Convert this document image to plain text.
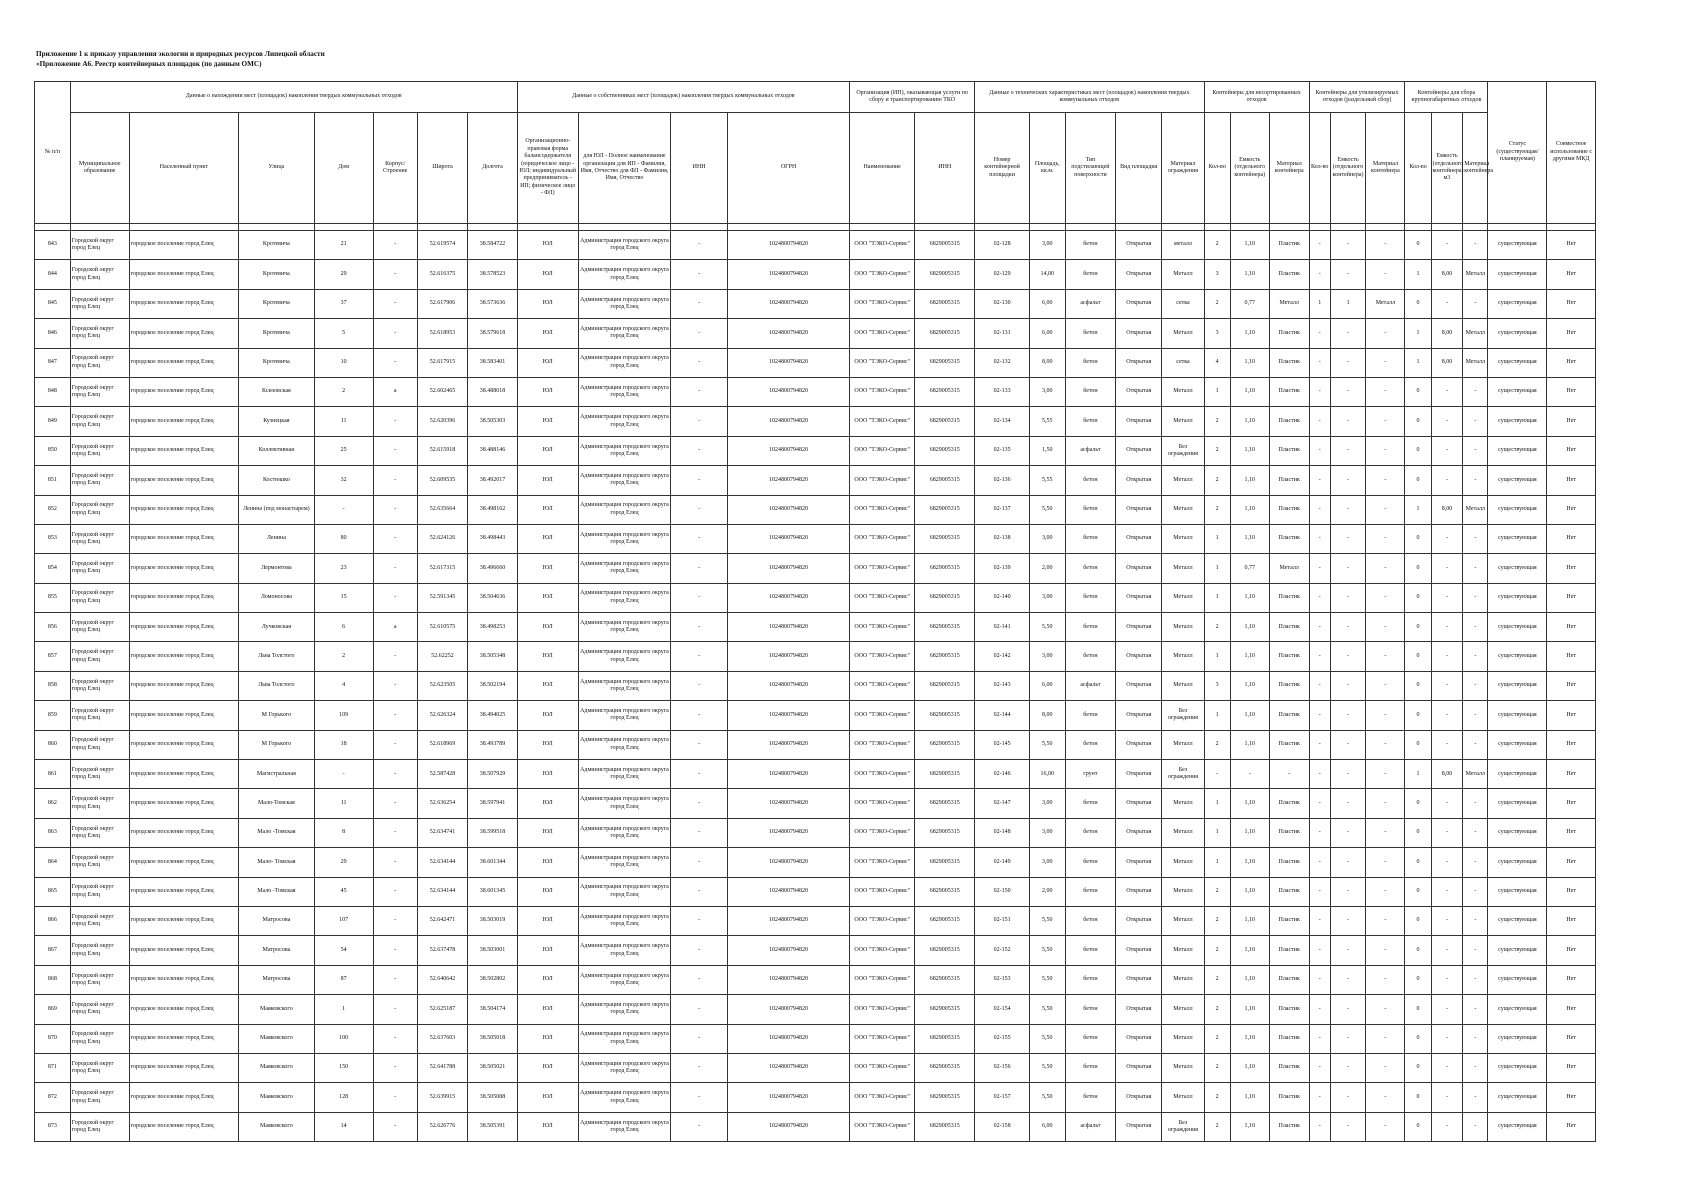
Приложение 1 к приказу управления экологии и природных ресурсов Липецкой области
«Приложение А6. Реестр контейнерных площадок (по данным ОМС)
№ п/п	Данные о нахождении мест (площадок) накопления твердых коммунальных отходов							Данные о собственниках мест (площадок) накопления твердых коммунальных отходов				Организация (ИП), оказывающая услуги по сбору и транспортированию ТКО		Данные о технических характеристиках мест (площадок) накопления твердых коммунальных отходов					Контейнеры для несортированных отходов			Контейнеры для утилизируемых отходов (раздельный сбор)			Контейнеры для сбора крупногабаритных отходов			Статус (существующая/ планируемая)	Совместное использование с другими МКД
	Муниципальное образование	Населенный пункт	Улица	Дом	Корпус/Строение	Широта	Долгота	Организационно-правовая форма балансодержателя (юридическое лицо - ЮЛ; индивидуальный предприниматель - ИП; физическое лицо - ФЛ)	для ЮЛ - Полное наименование организации для ИП - Фамилия, Имя, Отчество для ФЛ - Фамилия, Имя, Отчество	ИНН	ОГРН	Наименование	ИНН	Номер контейнерной площадки	Площадь, кв.м.	Тип подстилающей поверхности	Вид площадки	Материал ограждения	Кол-во	Емкость (отдельного контейнера)	Материал контейнера	Кол-во	Емкость (отдельного контейнера)	Материал контейнера	Кол-во	Емкость (отдельного контейнера) м3	Материал контейнера		

843	Городской округ город Елец	городское поселение город Елец	Кротевича	21	-	52.619574	38.584722	ЮЛ	Администрация городского округа город Елец	-	1024800794820	ООО "ТЭКО-Сервис"	6829005315	02-128	3,00	бетон	Открытая	металл	2	1,10	Пластик	-	-	-	0	-	-	существующая	Нет
844	Городской округ город Елец	городское поселение город Елец	Кротевича	29	-	52.616375	38.578523	ЮЛ	Администрация городского округа город Елец	-	1024800794820	ООО "ТЭКО-Сервис"	6829005315	02-129	14,00	бетон	Открытая	Металл	3	1,10	Пластик	-	-	-	1	8,00	Металл	существующая	Нет
845	Городской округ город Елец	городское поселение город Елец	Кротевича	37	-	52.617906	38.573636	ЮЛ	Администрация городского округа город Елец	-	1024800794820	ООО "ТЭКО-Сервис"	6829005315	02-130	6,00	асфальт	Открытая	сетка	2	0,77	Металл	1	1	Металл	0	-	-	существующая	Нет
846	Городской округ город Елец	городское поселение город Елец	Кротевича	5	-	52.618953	38.579618	ЮЛ	Администрация городского округа город Елец	-	1024800794820	ООО "ТЭКО-Сервис"	6829005315	02-131	6,00	бетон	Открытая	Металл	3	1,10	Пластик	-	-	-	1	8,00	Металл	существующая	Нет
847	Городской округ город Елец	городское поселение город Елец	Кротевича	10	-	52.617915	38.583401	ЮЛ	Администрация городского округа город Елец	-	1024800794820	ООО "ТЭКО-Сервис"	6829005315	02-132	8,00	бетон	Открытая	сетка	4	1,10	Пластик	-	-	-	1	8,00	Металл	существующая	Нет
848	Городской округ город Елец	городское поселение город Елец	Ксизовская	2	а	52.602465	38.488018	ЮЛ	Администрация городского округа город Елец	-	1024800794820	ООО "ТЭКО-Сервис"	6829005315	02-133	3,00	бетон	Открытая	Металл	1	1,10	Пластик	-	-	-	0	-	-	существующая	Нет
849	Городской округ город Елец	городское поселение город Елец	Кузнецкая	11	-	52.620396	38.505303	ЮЛ	Администрация городского округа город Елец	-	1024800794820	ООО "ТЭКО-Сервис"	6829005315	02-134	5,55	бетон	Открытая	Металл	2	1,10	Пластик	-	-	-	0	-	-	существующая	Нет
850	Городской округ город Елец	городское поселение город Елец	Коллективная	25	-	52.615918	38.488146	ЮЛ	Администрация городского округа город Елец	-	1024800794820	ООО "ТЭКО-Сервис"	6829005315	02-135	1,50	асфальт	Открытая	Без ограждения	2	1,10	Пластик	-	-	-	0	-	-	существующая	Нет
851	Городской округ город Елец	городское поселение город Елец	Костюшко	32	-	52.609535	38.492017	ЮЛ	Администрация городского округа город Елец	-	1024800794820	ООО "ТЭКО-Сервис"	6829005315	02-136	5,55	бетон	Открытая	Металл	2	1,10	Пластик	-	-	-	0	-	-	существующая	Нет
852	Городской округ город Елец	городское поселение город Елец	Ленина (под монастырем)	-	-	52.635664	38.498162	ЮЛ	Администрация городского округа город Елец	-	1024800794820	ООО "ТЭКО-Сервис"	6829005315	02-137	5,50	бетон	Открытая	Металл	2	1,10	Пластик	-	-	-	1	8,00	Металл	существующая	Нет
853	Городской округ город Елец	городское поселение город Елец	Ленина	80	-	52.624126	38.498443	ЮЛ	Администрация городского округа город Елец	-	1024800794820	ООО "ТЭКО-Сервис"	6829005315	02-138	3,00	бетон	Открытая	Металл	1	1,10	Пластик	-	-	-	0	-	-	существующая	Нет
854	Городской округ город Елец	городское поселение город Елец	Лермонтова	23	-	52.617315	38.496660	ЮЛ	Администрация городского округа город Елец	-	1024800794820	ООО "ТЭКО-Сервис"	6829005315	02-139	2,00	бетон	Открытая	Металл	1	0,77	Металл	-	-	-	0	-	-	существующая	Нет
855	Городской округ город Елец	городское поселение город Елец	Ломоносова	15	-	52.591345	38.504636	ЮЛ	Администрация городского округа город Елец	-	1024800794820	ООО "ТЭКО-Сервис"	6829005315	02-140	3,00	бетон	Открытая	Металл	1	1,10	Пластик	-	-	-	0	-	-	существующая	Нет
856	Городской округ город Елец	городское поселение город Елец	Лучковская	6	а	52.610575	38.498253	ЮЛ	Администрация городского округа город Елец	-	1024800794820	ООО "ТЭКО-Сервис"	6829005315	02-141	5,50	бетон	Открытая	Металл	2	1,10	Пластик	-	-	-	0	-	-	существующая	Нет
857	Городской округ город Елец	городское поселение город Елец	Льва Толстого	2	-	52.62252	38.505348	ЮЛ	Администрация городского округа город Елец	-	1024800794820	ООО "ТЭКО-Сервис"	6829005315	02-142	3,00	бетон	Открытая	Металл	1	1,10	Пластик	-	-	-	0	-	-	существующая	Нет
858	Городской округ город Елец	городское поселение город Елец	Льва Толстого	4	-	52.623505	38.502194	ЮЛ	Администрация городского округа город Елец	-	1024800794820	ООО "ТЭКО-Сервис"	6829005315	02-143	6,00	асфальт	Открытая	Металл	3	1,10	Пластик	-	-	-	0	-	-	существующая	Нет
859	Городской округ город Елец	городское поселение город Елец	М Горького	109	-	52.626324	38.494025	ЮЛ	Администрация городского округа город Елец	-	1024800794820	ООО "ТЭКО-Сервис"	6829005315	02-144	8,00	бетон	Открытая	Без ограждения	1	1,10	Пластик	-	-	-	0	-	-	существующая	Нет
860	Городской округ город Елец	городское поселение город Елец	М Горького	18	-	52.618969	38.493789	ЮЛ	Администрация городского округа город Елец	-	1024800794820	ООО "ТЭКО-Сервис"	6829005315	02-145	5,50	бетон	Открытая	Металл	2	1,10	Пластик	-	-	-	0	-	-	существующая	Нет
861	Городской округ город Елец	городское поселение город Елец	Магистральная	-	-	52.587428	38.507929	ЮЛ	Администрация городского округа город Елец	-	1024800794820	ООО "ТЭКО-Сервис"	6829005315	02-146	16,00	грунт	Открытая	Без ограждения	-	-	-	-	-	-	1	8,00	Металл	существующая	Нет
862	Городской округ город Елец	городское поселение город Елец	Мало-Томская	11	-	52.636254	38.597941	ЮЛ	Администрация городского округа город Елец	-	1024800794820	ООО "ТЭКО-Сервис"	6829005315	02-147	3,00	бетон	Открытая	Металл	1	1,10	Пластик	-	-	-	0	-	-	существующая	Нет
863	Городской округ город Елец	городское поселение город Елец	Мало -Томская	8	-	52.634741	38.599518	ЮЛ	Администрация городского округа город Елец	-	1024800794820	ООО "ТЭКО-Сервис"	6829005315	02-148	3,00	бетон	Открытая	Металл	1	1,10	Пластик	-	-	-	0	-	-	существующая	Нет
864	Городской округ город Елец	городское поселение город Елец	Мало- Томская	29	-	52.634144	38.601344	ЮЛ	Администрация городского округа город Елец	-	1024800794820	ООО "ТЭКО-Сервис"	6829005315	02-149	3,00	бетон	Открытая	Металл	1	1,10	Пластик	-	-	-	0	-	-	существующая	Нет
865	Городской округ город Елец	городское поселение город Елец	Мало -Томская	45	-	52.634144	38.601345	ЮЛ	Администрация городского округа город Елец	-	1024800794820	ООО "ТЭКО-Сервис"	6829005315	02-150	2,00	бетон	Открытая	Металл	2	1,10	Пластик	-	-	-	0	-	-	существующая	Нет
866	Городской округ город Елец	городское поселение город Елец	Матросова	107	-	52.642471	38.503019	ЮЛ	Администрация городского округа город Елец	-	1024800794820	ООО "ТЭКО-Сервис"	6829005315	02-151	5,50	бетон	Открытая	Металл	2	1,10	Пластик	-	-	-	0	-	-	существующая	Нет
867	Городской округ город Елец	городское поселение город Елец	Матросова	54	-	52.637478	38.503001	ЮЛ	Администрация городского округа город Елец	-	1024800794820	ООО "ТЭКО-Сервис"	6829005315	02-152	5,50	бетон	Открытая	Металл	2	1,10	Пластик	-	-	-	0	-	-	существующая	Нет
868	Городской округ город Елец	городское поселение город Елец	Матросова	87	-	52.640642	38.502802	ЮЛ	Администрация городского округа город Елец	-	1024800794820	ООО "ТЭКО-Сервис"	6829005315	02-153	5,50	бетон	Открытая	Металл	2	1,10	Пластик	-	-	-	0	-	-	существующая	Нет
869	Городской округ город Елец	городское поселение город Елец	Маяковского	1	-	52.625187	38.504174	ЮЛ	Администрация городского округа город Елец	-	1024800794820	ООО "ТЭКО-Сервис"	6829005315	02-154	5,50	бетон	Открытая	Металл	2	1,10	Пластик	-	-	-	0	-	-	существующая	Нет
870	Городской округ город Елец	городское поселение город Елец	Маяковского	100	-	52.637603	38.505018	ЮЛ	Администрация городского округа город Елец	-	1024800794820	ООО "ТЭКО-Сервис"	6829005315	02-155	5,50	бетон	Открытая	Металл	2	1,10	Пластик	-	-	-	0	-	-	существующая	Нет
871	Городской округ город Елец	городское поселение город Елец	Маяковского	150	-	52.641788	38.505021	ЮЛ	Администрация городского округа город Елец	-	1024800794820	ООО "ТЭКО-Сервис"	6829005315	02-156	5,50	бетон	Открытая	Металл	2	1,10	Пластик	-	-	-	0	-	-	существующая	Нет
872	Городской округ город Елец	городское поселение город Елец	Маяковского	128	-	52.639915	38.505088	ЮЛ	Администрация городского округа город Елец	-	1024800794820	ООО "ТЭКО-Сервис"	6829005315	02-157	5,50	бетон	Открытая	Металл	2	1,10	Пластик	-	-	-	0	-	-	существующая	Нет
873	Городской округ город Елец	городское поселение город Елец	Маяковского	14	-	52.626776	38.505391	ЮЛ	Администрация городского округа город Елец	-	1024800794820	ООО "ТЭКО-Сервис"	6829005315	02-158	6,00	асфальт	Открытая	Без ограждения	2	1,10	Пластик	-	-	-	0	-	-	существующая	Нет
